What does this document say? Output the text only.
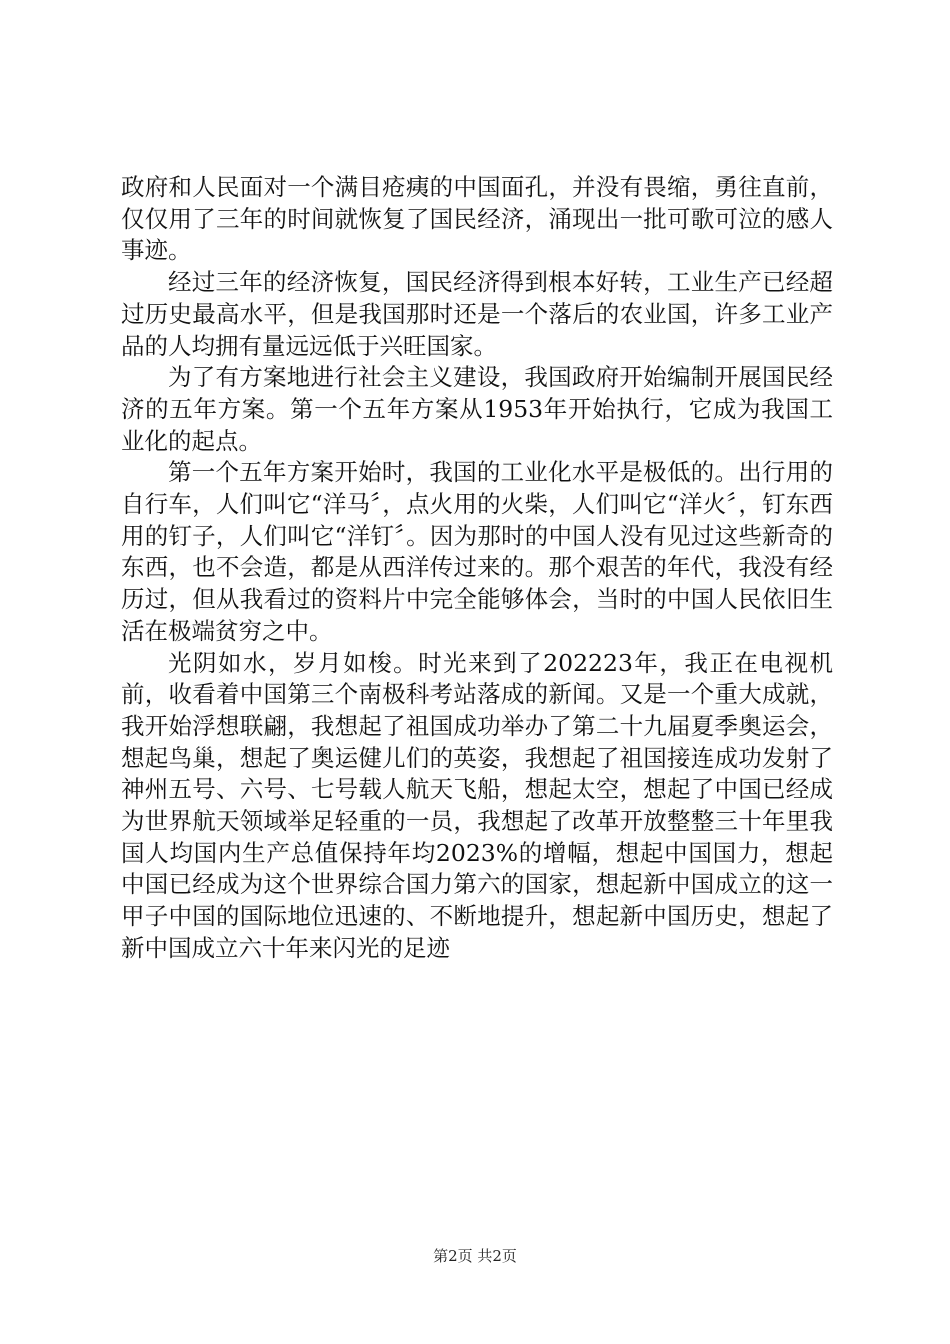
政府和人民面对一个满目疮痍的中国面孔，并没有畏缩，勇往直前，仅仅用了三年的时间就恢复了国民经济，涌现出一批可歌可泣的感人事迹。

经过三年的经济恢复，国民经济得到根本好转，工业生产已经超过历史最高水平，但是我国那时还是一个落后的农业国，许多工业产品的人均拥有量远远低于兴旺国家。

为了有方案地进行社会主义建设，我国政府开始编制开展国民经济的五年方案。第一个五年方案从1953年开始执行，它成为我国工业化的起点。

第一个五年方案开始时，我国的工业化水平是极低的。出行用的自行车，人们叫它“洋马〞，点火用的火柴，人们叫它“洋火〞，钉东西用的钉子，人们叫它“洋钉〞。因为那时的中国人没有见过这些新奇的东西，也不会造，都是从西洋传过来的。那个艰苦的年代，我没有经历过，但从我看过的资料片中完全能够体会，当时的中国人民依旧生活在极端贫穷之中。

光阴如水，岁月如梭。时光来到了202223年，我正在电视机前，收看着中国第三个南极科考站落成的新闻。又是一个重大成就，我开始浮想联翩，我想起了祖国成功举办了第二十九届夏季奥运会，想起鸟巢，想起了奥运健儿们的英姿，我想起了祖国接连成功发射了神州五号、六号、七号载人航天飞船，想起太空，想起了中国已经成为世界航天领域举足轻重的一员，我想起了改革开放整整三十年里我国人均国内生产总值保持年均2023%的增幅，想起中国国力，想起中国已经成为这个世界综合国力第六的国家，想起新中国成立的这一甲子中国的国际地位迅速的、不断地提升，想起新中国历史，想起了新中国成立六十年来闪光的足迹

第2页 共2页
